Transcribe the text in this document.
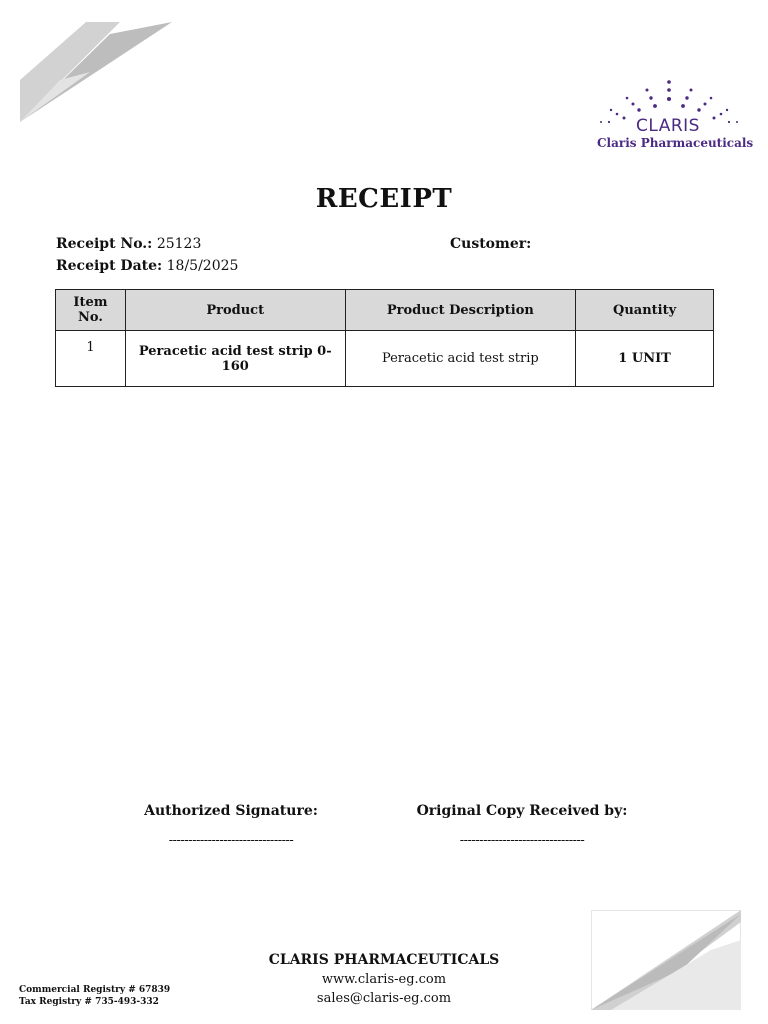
CLARIS
Claris Pharmaceuticals
RECEIPT
Receipt No.: 25123
Receipt Date: 18/5/2025
Customer:
Item No.	Product	Product Description	Quantity
1	Peracetic acid test strip 0-160	Peracetic acid test strip	1 UNIT
Authorized Signature:
--------------------------------
Original Copy Received by:
--------------------------------
CLARIS PHARMACEUTICALS
www.claris-eg.com
sales@claris-eg.com
Commercial Registry # 67839
Tax Registry # 735-493-332
